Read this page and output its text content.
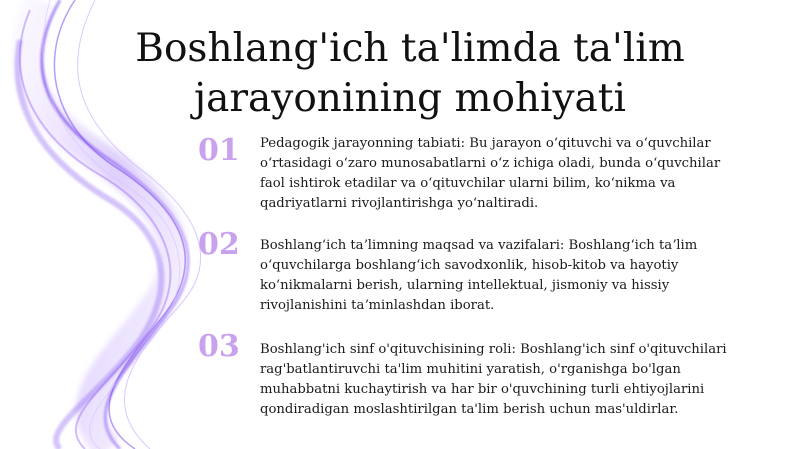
Boshlang'ich ta'limda ta'lim
jarayonining mohiyati
01	Pedagogik jarayonning tabiati: Bu jarayon oʻqituvchi va oʻquvchilar oʻrtasidagi oʻzaro munosabatlarni oʻz ichiga oladi, bunda oʻquvchilar faol ishtirok etadilar va oʻqituvchilar ularni bilim, koʻnikma va qadriyatlarni rivojlantirishga yoʻnaltiradi.
02	Boshlangʻich taʼlimning maqsad va vazifalari: Boshlangʻich taʼlim oʻquvchilarga boshlangʻich savodxonlik, hisob-kitob va hayotiy koʻnikmalarni berish, ularning intellektual, jismoniy va hissiy rivojlanishini taʼminlashdan iborat.
03	Boshlang'ich sinf o'qituvchisining roli: Boshlang'ich sinf o'qituvchilari rag'batlantiruvchi ta'lim muhitini yaratish, o'rganishga bo'lgan muhabbatni kuchaytirish va har bir o'quvchining turli ehtiyojlarini qondiradigan moslashtirilgan ta'lim berish uchun mas'uldirlar.
